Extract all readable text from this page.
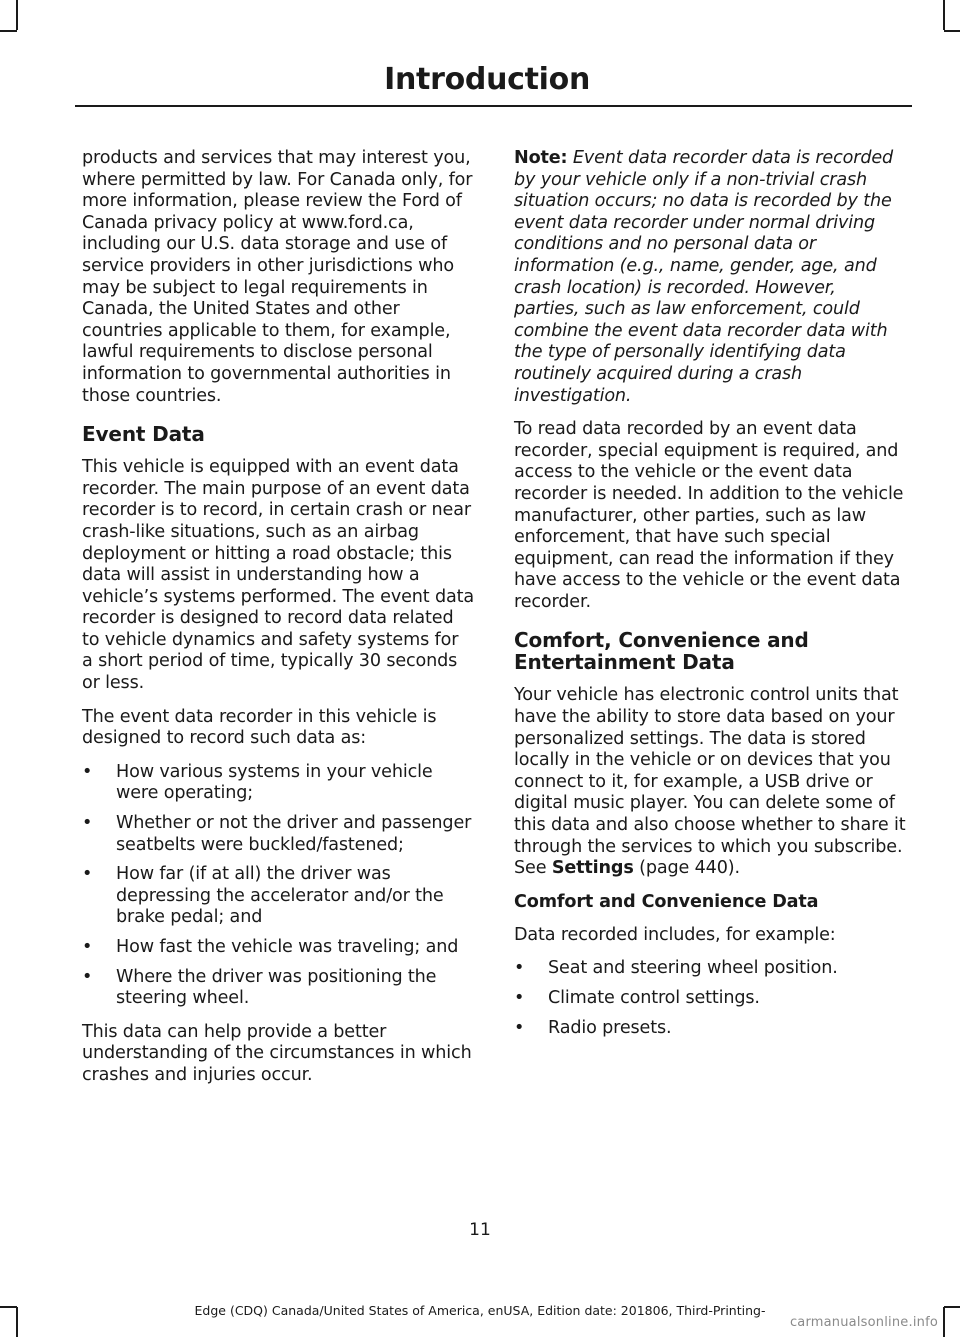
Introduction

products and services that may interest you, where permitted by law. For Canada only, for more information, please review the Ford of Canada privacy policy at www.ford.ca, including our U.S. data storage and use of service providers in other jurisdictions who may be subject to legal requirements in Canada, the United States and other countries applicable to them, for example, lawful requirements to disclose personal information to governmental authorities in those countries.

Event Data

This vehicle is equipped with an event data recorder. The main purpose of an event data recorder is to record, in certain crash or near crash-like situations, such as an airbag deployment or hitting a road obstacle; this data will assist in understanding how a vehicle’s systems performed. The event data recorder is designed to record data related to vehicle dynamics and safety systems for a short period of time, typically 30 seconds or less.

The event data recorder in this vehicle is designed to record such data as:

• How various systems in your vehicle were operating;
• Whether or not the driver and passenger seatbelts were buckled/fastened;
• How far (if at all) the driver was depressing the accelerator and/or the brake pedal; and
• How fast the vehicle was traveling; and
• Where the driver was positioning the steering wheel.

This data can help provide a better understanding of the circumstances in which crashes and injuries occur.

Note: Event data recorder data is recorded by your vehicle only if a non-trivial crash situation occurs; no data is recorded by the event data recorder under normal driving conditions and no personal data or information (e.g., name, gender, age, and crash location) is recorded. However, parties, such as law enforcement, could combine the event data recorder data with the type of personally identifying data routinely acquired during a crash investigation.

To read data recorded by an event data recorder, special equipment is required, and access to the vehicle or the event data recorder is needed. In addition to the vehicle manufacturer, other parties, such as law enforcement, that have such special equipment, can read the information if they have access to the vehicle or the event data recorder.

Comfort, Convenience and Entertainment Data

Your vehicle has electronic control units that have the ability to store data based on your personalized settings. The data is stored locally in the vehicle or on devices that you connect to it, for example, a USB drive or digital music player. You can delete some of this data and also choose whether to share it through the services to which you subscribe. See Settings (page 440).

Comfort and Convenience Data

Data recorded includes, for example:

• Seat and steering wheel position.
• Climate control settings.
• Radio presets.
11
Edge (CDQ) Canada/United States of America, enUSA, Edition date: 201806, Third-Printing-
carmanualsonline.info
